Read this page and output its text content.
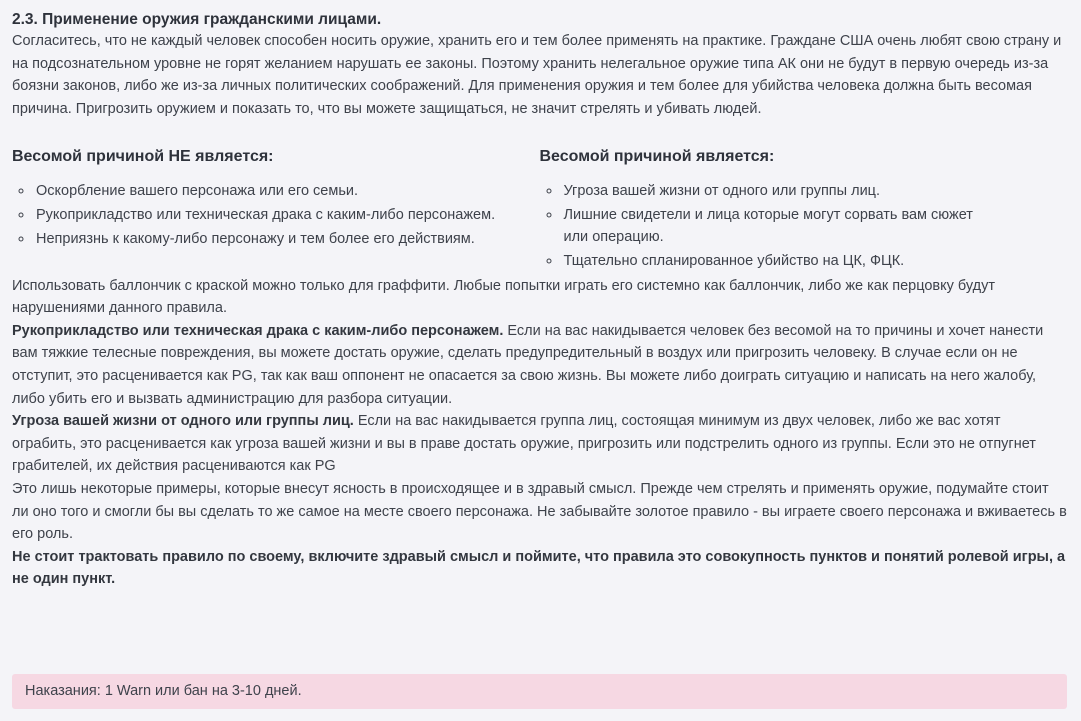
2.3. Применение оружия гражданскими лицами.

Согласитесь, что не каждый человек способен носить оружие, хранить его и тем более применять на практике. Граждане США очень любят свою страну и на подсознательном уровне не горят желанием нарушать ее законы. Поэтому хранить нелегальное оружие типа АК они не будут в первую очередь из-за боязни законов, либо же из-за личных политических соображений. Для применения оружия и тем более для убийства человека должна быть весомая причина. Пригрозить оружием и показать то, что вы можете защищаться, не значит стрелять и убивать людей.

Весомой причиной НЕ является:
◦ Оскорбление вашего персонажа или его семьи.
◦ Рукоприкладство или техническая драка с каким-либо персонажем.
◦ Неприязнь к какому-либо персонажу и тем более его действиям.
Весомой причиной является:
◦ Угроза вашей жизни от одного или группы лиц.
◦ Лишние свидетели и лица которые могут сорвать вам сюжет или операцию.
◦ Тщательно спланированное убийство на ЦК, ФЦК.

Использовать баллончик с краской можно только для граффити. Любые попытки играть его системно как баллончик, либо же как перцовку будут нарушениями данного правила.

Рукоприкладство или техническая драка с каким-либо персонажем. Если на вас накидывается человек без весомой на то причины и хочет нанести вам тяжкие телесные повреждения, вы можете достать оружие, сделать предупредительный в воздух или пригрозить человеку. В случае если он не отступит, это расценивается как PG, так как ваш оппонент не опасается за свою жизнь. Вы можете либо доиграть ситуацию и написать на него жалобу, либо убить его и вызвать администрацию для разбора ситуации.

Угроза вашей жизни от одного или группы лиц. Если на вас накидывается группа лиц, состоящая минимум из двух человек, либо же вас хотят ограбить, это расценивается как угроза вашей жизни и вы в праве достать оружие, пригрозить или подстрелить одного из группы. Если это не отпугнет грабителей, их действия расцениваются как PG

Это лишь некоторые примеры, которые внесут ясность в происходящее и в здравый смысл. Прежде чем стрелять и применять оружие, подумайте стоит ли оно того и смогли бы вы сделать то же самое на месте своего персонажа. Не забывайте золотое правило - вы играете своего персонажа и вживаетесь в его роль.

Не стоит трактовать правило по своему, включите здравый смысл и поймите, что правила это совокупность пунктов и понятий ролевой игры, а не один пункт.

Наказания: 1 Warn или бан на 3-10 дней.
